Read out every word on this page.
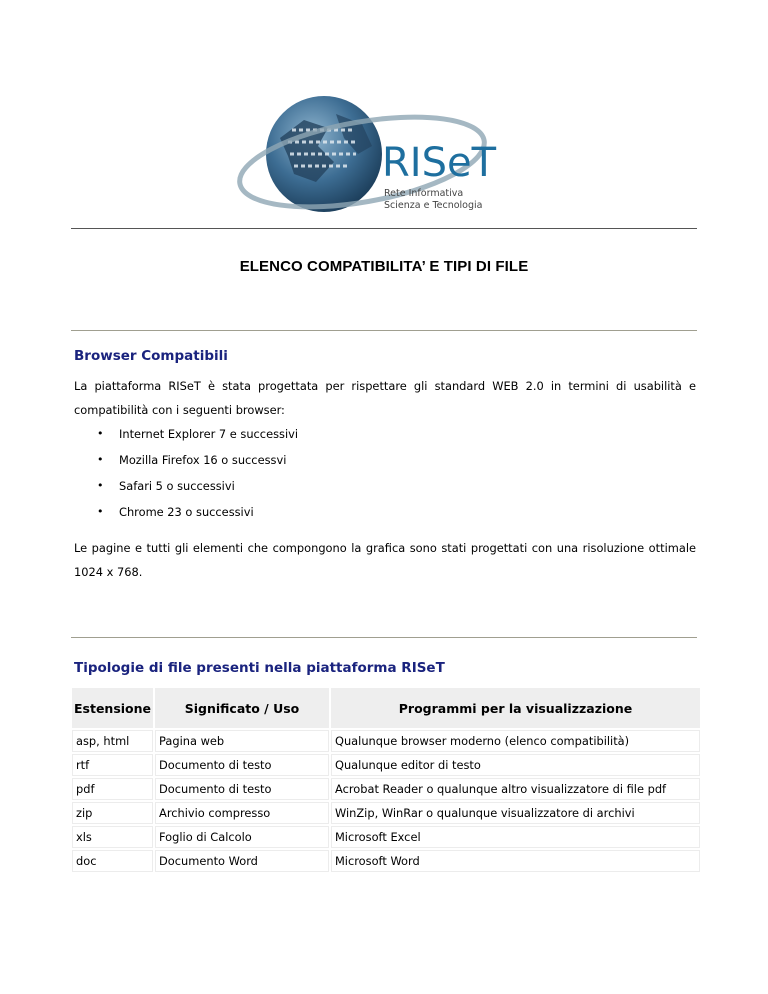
RISeT
Rete Informativa
Scienza e Tecnologia
ELENCO COMPATIBILITA’ E TIPI DI FILE
Browser Compatibili
La piattaforma RISeT è stata progettata per rispettare gli standard WEB 2.0 in termini di usabilità e compatibilità con i seguenti browser:
• Internet Explorer 7 e successivi
• Mozilla Firefox 16 o successvi
• Safari 5 o successivi
• Chrome 23 o successivi
Le pagine e tutti gli elementi che compongono la grafica sono stati progettati con una risoluzione ottimale 1024 x 768.
Tipologie di file presenti nella piattaforma RISeT
Estensione	Significato / Uso	Programmi per la visualizzazione
asp, html	Pagina web	Qualunque browser moderno (elenco compatibilità)
rtf	Documento di testo	Qualunque editor di testo
pdf	Documento di testo	Acrobat Reader o qualunque altro visualizzatore di file pdf
zip	Archivio compresso	WinZip, WinRar o qualunque visualizzatore di archivi
xls	Foglio di Calcolo	Microsoft Excel
doc	Documento Word	Microsoft Word
